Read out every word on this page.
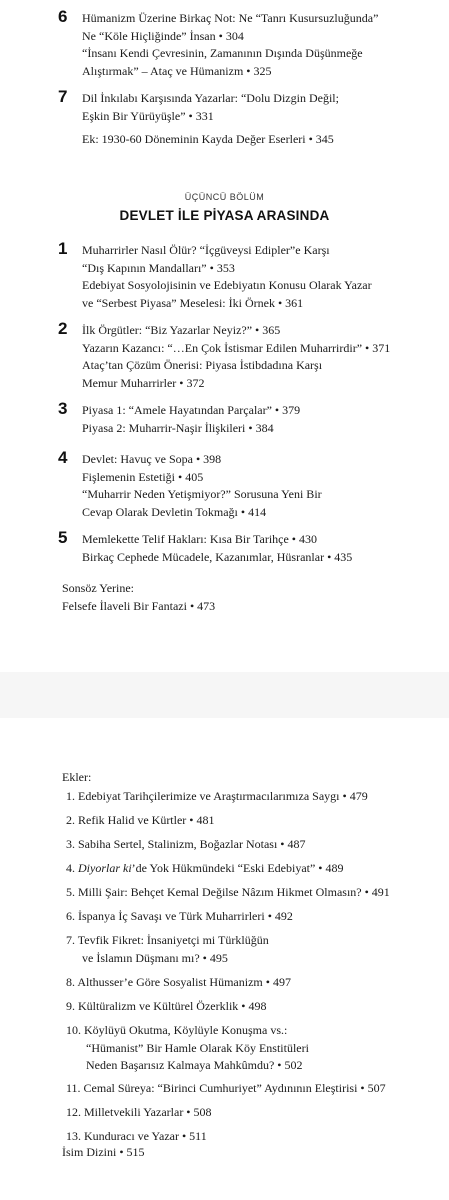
6 Hümanizm Üzerine Birkaç Not: Ne “Tanrı Kusursuzluğunda”
Ne “Köle Hiçliğinde” İnsan • 304
“İnsanı Kendi Çevresinin, Zamanının Dışında Düşünmeğe
Alıştırmak” – Ataç ve Hümanizm • 325
7 Dil İnkılabı Karşısında Yazarlar: “Dolu Dizgin Değil;
Eşkin Bir Yürüyüşle” • 331
Ek: 1930-60 Döneminin Kayda Değer Eserleri • 345
ÜÇÜNCÜ BÖLÜM
DEVLET İLE PİYASA ARASINDA
1 Muharrirler Nasıl Ölür? “İçgüveysi Edipler”e Karşı
“Dış Kapının Mandalları” • 353
Edebiyat Sosyolojisinin ve Edebiyatın Konusu Olarak Yazar
ve “Serbest Piyasa” Meselesi: İki Örnek • 361
2 İlk Örgütler: “Biz Yazarlar Neyiz?” • 365
Yazarın Kazancı: “…En Çok İstismar Edilen Muharrirdir” • 371
Ataç’tan Çözüm Önerisi: Piyasa İstibdadına Karşı
Memur Muharrirler • 372
3 Piyasa 1: “Amele Hayatından Parçalar” • 379
Piyasa 2: Muharrir-Naşir İlişkileri • 384
4 Devlet: Havuç ve Sopa • 398
Fişlemenin Estetiği • 405
“Muharrir Neden Yetişmiyor?” Sorusuna Yeni Bir
Cevap Olarak Devletin Tokmağı • 414
5 Memlekette Telif Hakları: Kısa Bir Tarihçe • 430
Birkaç Cephede Mücadele, Kazanımlar, Hüsranlar • 435
Sonsöz Yerine:
Felsefe İlaveli Bir Fantazi • 473
Ekler:
1. Edebiyat Tarihçilerimize ve Araştırmacılarımıza Saygı • 479
2. Refik Halid ve Kürtler • 481
3. Sabiha Sertel, Stalinizm, Boğazlar Notası • 487
4. Diyorlar ki’de Yok Hükmündeki “Eski Edebiyat” • 489
5. Milli Şair: Behçet Kemal Değilse Nâzım Hikmet Olmasın? • 491
6. İspanya İç Savaşı ve Türk Muharrirleri • 492
7. Tevfik Fikret: İnsaniyetçi mi Türklüğün
ve İslamın Düşmanı mı? • 495
8. Althusser’e Göre Sosyalist Hümanizm • 497
9. Kültüralizm ve Kültürel Özerklik • 498
10. Köylüyü Okutma, Köylüyle Konuşma vs.:
“Hümanist” Bir Hamle Olarak Köy Enstitüleri
Neden Başarısız Kalmaya Mahkûmdu? • 502
11. Cemal Süreya: “Birinci Cumhuriyet” Aydınının Eleştirisi • 507
12. Milletvekili Yazarlar • 508
13. Kunduracı ve Yazar • 511
İsim Dizini • 515
